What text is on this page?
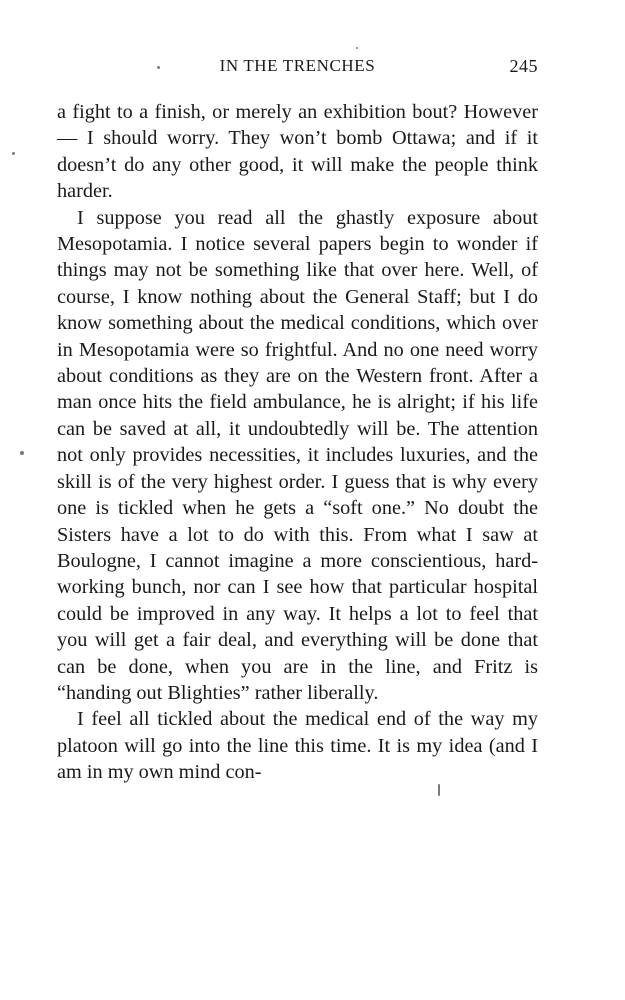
IN THE TRENCHES	245

a fight to a finish, or merely an exhibition bout? However — I should worry. They won’t bomb Ottawa; and if it doesn’t do any other good, it will make the people think harder.

I suppose you read all the ghastly exposure about Mesopotamia. I notice several papers begin to wonder if things may not be something like that over here. Well, of course, I know nothing about the General Staff; but I do know something about the medical conditions, which over in Mesopotamia were so frightful. And no one need worry about conditions as they are on the Western front. After a man once hits the field ambulance, he is alright; if his life can be saved at all, it undoubtedly will be. The attention not only provides necessities, it includes luxuries, and the skill is of the very highest order. I guess that is why every one is tickled when he gets a “soft one.” No doubt the Sisters have a lot to do with this. From what I saw at Boulogne, I cannot imagine a more conscientious, hard-working bunch, nor can I see how that particular hospital could be improved in any way. It helps a lot to feel that you will get a fair deal, and everything will be done that can be done, when you are in the line, and Fritz is “handing out Blighties” rather liberally.

I feel all tickled about the medical end of the way my platoon will go into the line this time. It is my idea (and I am in my own mind con-
